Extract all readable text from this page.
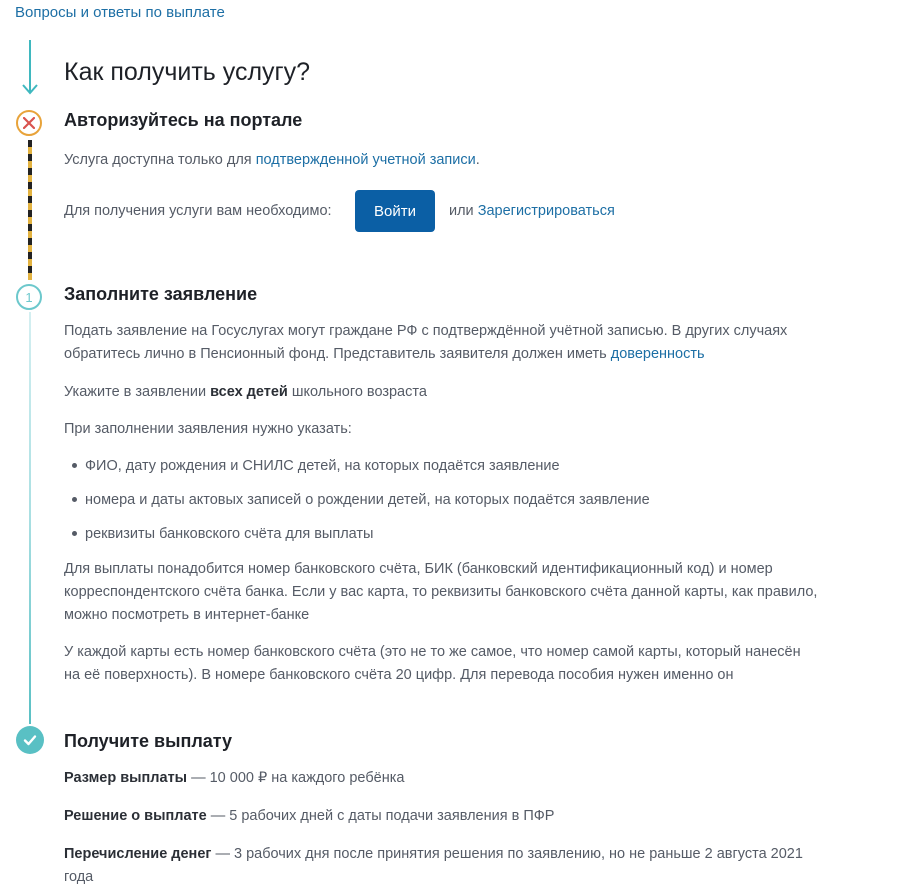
Вопросы и ответы по выплате
1
Как получить услугу?
Авторизуйтесь на портале
Услуга доступна только для подтвержденной учетной записи.
Для получения услуги вам необходимо:	Войти	или Зарегистрироваться
Заполните заявление
Подать заявление на Госуслугах могут граждане РФ с подтверждённой учётной записью. В других случаях
обратитесь лично в Пенсионный фонд. Представитель заявителя должен иметь доверенность
Укажите в заявлении всех детей школьного возраста
При заполнении заявления нужно указать:
ФИО, дату рождения и СНИЛС детей, на которых подаётся заявление
номера и даты актовых записей о рождении детей, на которых подаётся заявление
реквизиты банковского счёта для выплаты
Для выплаты понадобится номер банковского счёта, БИК (банковский идентификационный код) и номер
корреспондентского счёта банка. Если у вас карта, то реквизиты банковского счёта данной карты, как правило,
можно посмотреть в интернет-банке
У каждой карты есть номер банковского счёта (это не то же самое, что номер самой карты, который нанесён
на её поверхность). В номере банковского счёта 20 цифр. Для перевода пособия нужен именно он
Получите выплату
Размер выплаты — 10 000 ₽ на каждого ребёнка
Решение о выплате — 5 рабочих дней с даты подачи заявления в ПФР
Перечисление денег — 3 рабочих дня после принятия решения по заявлению, но не раньше 2 августа 2021
года
